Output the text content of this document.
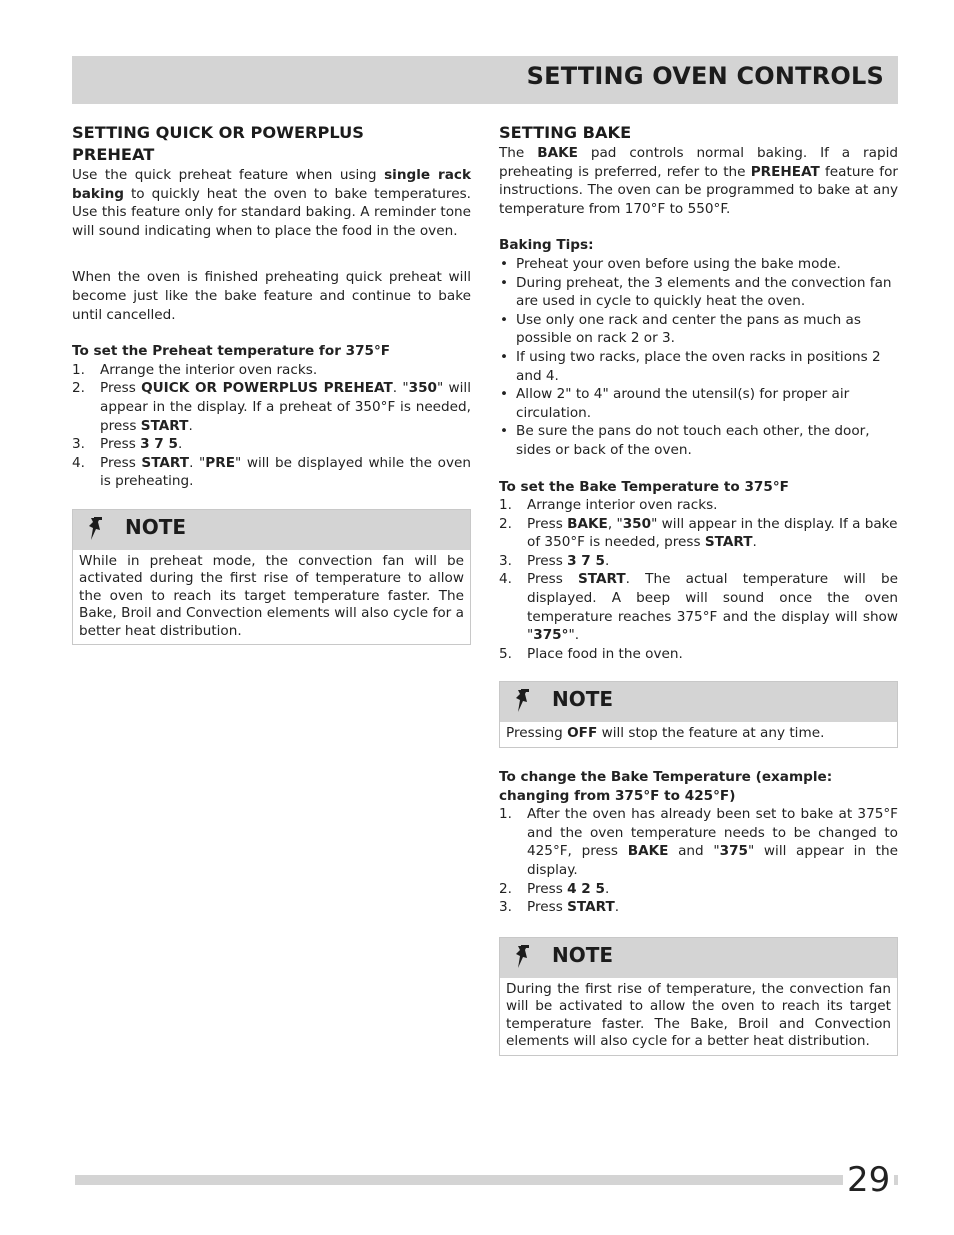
SETTING OVEN CONTROLS
SETTING QUICK OR POWERPLUS PREHEAT

Use the quick preheat feature when using single rack baking to quickly heat the oven to bake temperatures. Use this feature only for standard baking. A reminder tone will sound indicating when to place the food in the oven.

When the oven is finished preheating quick preheat will become just like the bake feature and continue to bake until cancelled.

To set the Preheat temperature for 375°F

1. Arrange the interior oven racks.
2. Press QUICK OR POWERPLUS PREHEAT. "350" will appear in the display. If a preheat of 350°F is needed, press START.
3. Press 3 7 5.
4. Press START. "PRE" will be displayed while the oven is preheating.
NOTE
While in preheat mode, the convection fan will be activated during the first rise of temperature to allow the oven to reach its target temperature faster. The Bake, Broil and Convection elements will also cycle for a better heat distribution.
SETTING BAKE

The BAKE pad controls normal baking. If a rapid preheating is preferred, refer to the PREHEAT feature for instructions. The oven can be programmed to bake at any temperature from 170°F to 550°F.

Baking Tips:

• Preheat your oven before using the bake mode.
• During preheat, the 3 elements and the convection fan are used in cycle to quickly heat the oven.
• Use only one rack and center the pans as much as possible on rack 2 or 3.
• If using two racks, place the oven racks in positions 2 and 4.
• Allow 2" to 4" around the utensil(s) for proper air circulation.
• Be sure the pans do not touch each other, the door, sides or back of the oven.

To set the Bake Temperature to 375°F

1. Arrange interior oven racks.
2. Press BAKE, "350" will appear in the display. If a bake of 350°F is needed, press START.
3. Press 3 7 5.
4. Press START. The actual temperature will be displayed. A beep will sound once the oven temperature reaches 375°F and the display will show "375°".
5. Place food in the oven.
NOTE
Pressing OFF will stop the feature at any time.

To change the Bake Temperature (example: changing from 375°F to 425°F)

1. After the oven has already been set to bake at 375°F and the oven temperature needs to be changed to 425°F, press BAKE and "375" will appear in the display.
2. Press 4 2 5.
3. Press START.
NOTE
During the first rise of temperature, the convection fan will be activated to allow the oven to reach its target temperature faster. The Bake, Broil and Convection elements will also cycle for a better heat distribution.
29
